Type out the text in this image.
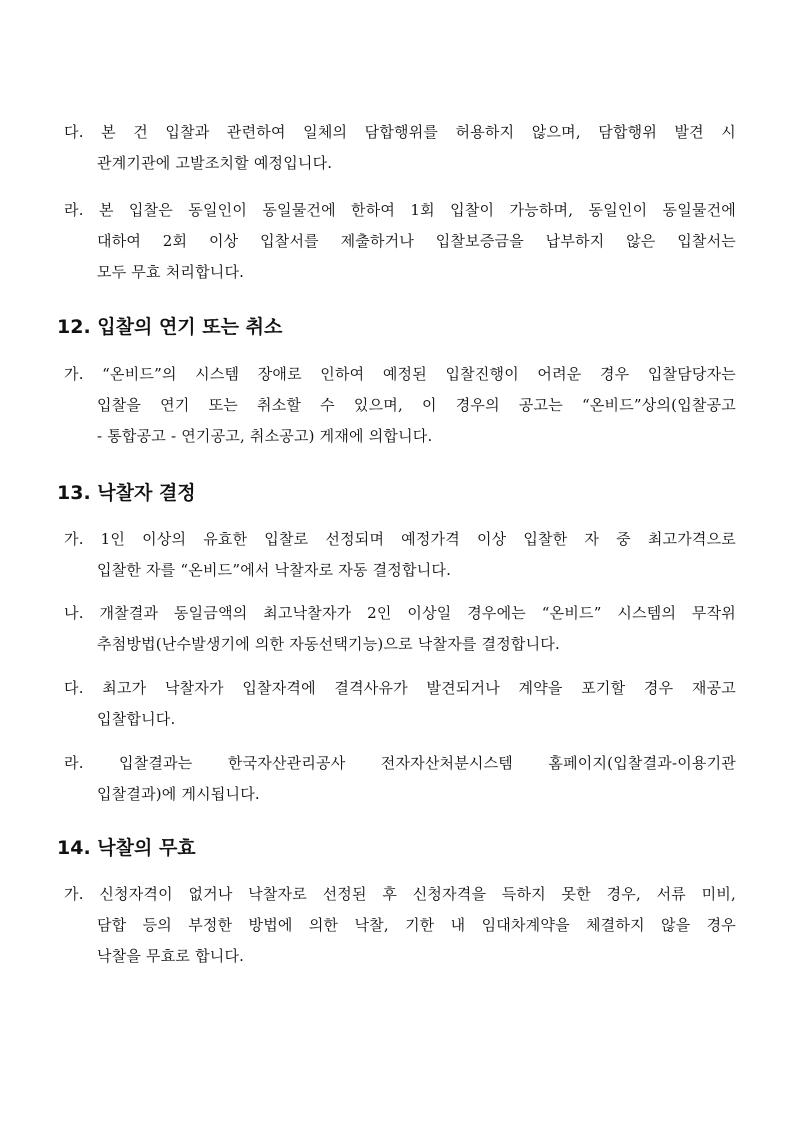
다. 본 건 입찰과 관련하여 일체의 담합행위를 허용하지 않으며, 담합행위 발견 시
관계기관에 고발조치할 예정입니다.
라. 본 입찰은 동일인이 동일물건에 한하여 1회 입찰이 가능하며, 동일인이 동일물건에
대하여 2회 이상 입찰서를 제출하거나 입찰보증금을 납부하지 않은 입찰서는
모두 무효 처리합니다.
12. 입찰의 연기 또는 취소
가. “온비드”의 시스템 장애로 인하여 예정된 입찰진행이 어려운 경우 입찰담당자는
입찰을 연기 또는 취소할 수 있으며, 이 경우의 공고는 “온비드”상의(입찰공고
- 통합공고 - 연기공고, 취소공고) 게재에 의합니다.
13. 낙찰자 결정
가. 1인 이상의 유효한 입찰로 선정되며 예정가격 이상 입찰한 자 중 최고가격으로
입찰한 자를 “온비드”에서 낙찰자로 자동 결정합니다.
나. 개찰결과 동일금액의 최고낙찰자가 2인 이상일 경우에는 “온비드” 시스템의 무작위
추첨방법(난수발생기에 의한 자동선택기능)으로 낙찰자를 결정합니다.
다. 최고가 낙찰자가 입찰자격에 결격사유가 발견되거나 계약을 포기할 경우 재공고
입찰합니다.
라. 입찰결과는 한국자산관리공사 전자자산처분시스템 홈페이지(입찰결과-이용기관
입찰결과)에 게시됩니다.
14. 낙찰의 무효
가. 신청자격이 없거나 낙찰자로 선정된 후 신청자격을 득하지 못한 경우, 서류 미비,
담합 등의 부정한 방법에 의한 낙찰, 기한 내 임대차계약을 체결하지 않을 경우
낙찰을 무효로 합니다.
